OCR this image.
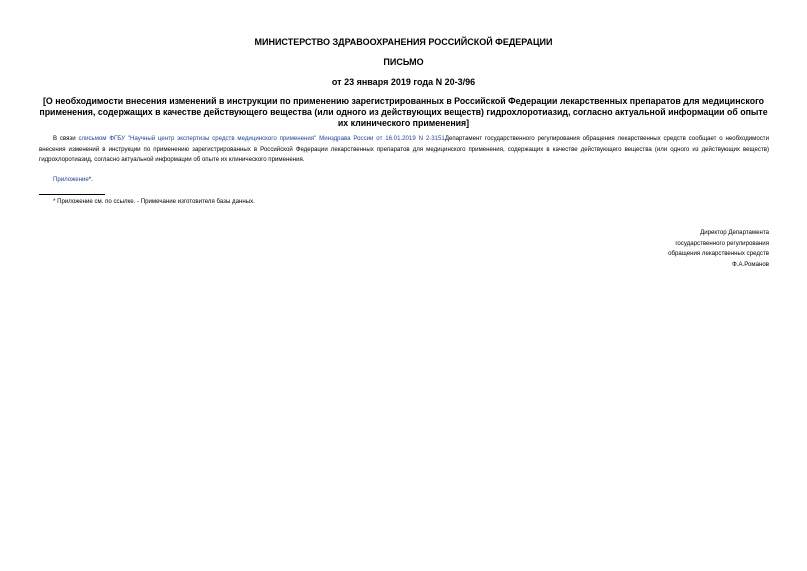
МИНИСТЕРСТВО ЗДРАВООХРАНЕНИЯ РОССИЙСКОЙ ФЕДЕРАЦИИ
ПИСЬМО
от 23 января 2019 года N 20-3/96
[О необходимости внесения изменений в инструкции по применению зарегистрированных в Российской Федерации лекарственных препаратов для медицинского применения, содержащих в качестве действующего вещества (или одного из действующих веществ) гидрохлоротиазид, согласно актуальной информации об опыте их клинического применения]
В связи слисьмом ФГБУ "Научный центр экспертизы средств медицинского применения" Минздрава России от 16.01.2019 N 2-3151Департамент государственного регулирования обращения лекарственных средств сообщает о необходимости внесения изменений в инструкции по применению зарегистрированных в Российской Федерации лекарственных препаратов для медицинского применения, содержащих в качестве действующего вещества (или одного из действующих веществ) гидрохлоротиазид, согласно актуальной информации об опыте их клинического применения.
Приложение*.
* Приложение см. по ссылке. - Примечание изготовителя базы данных.
Директор Департамента
государственного регулирования
обращения лекарственных средств
Ф.А.Романов
